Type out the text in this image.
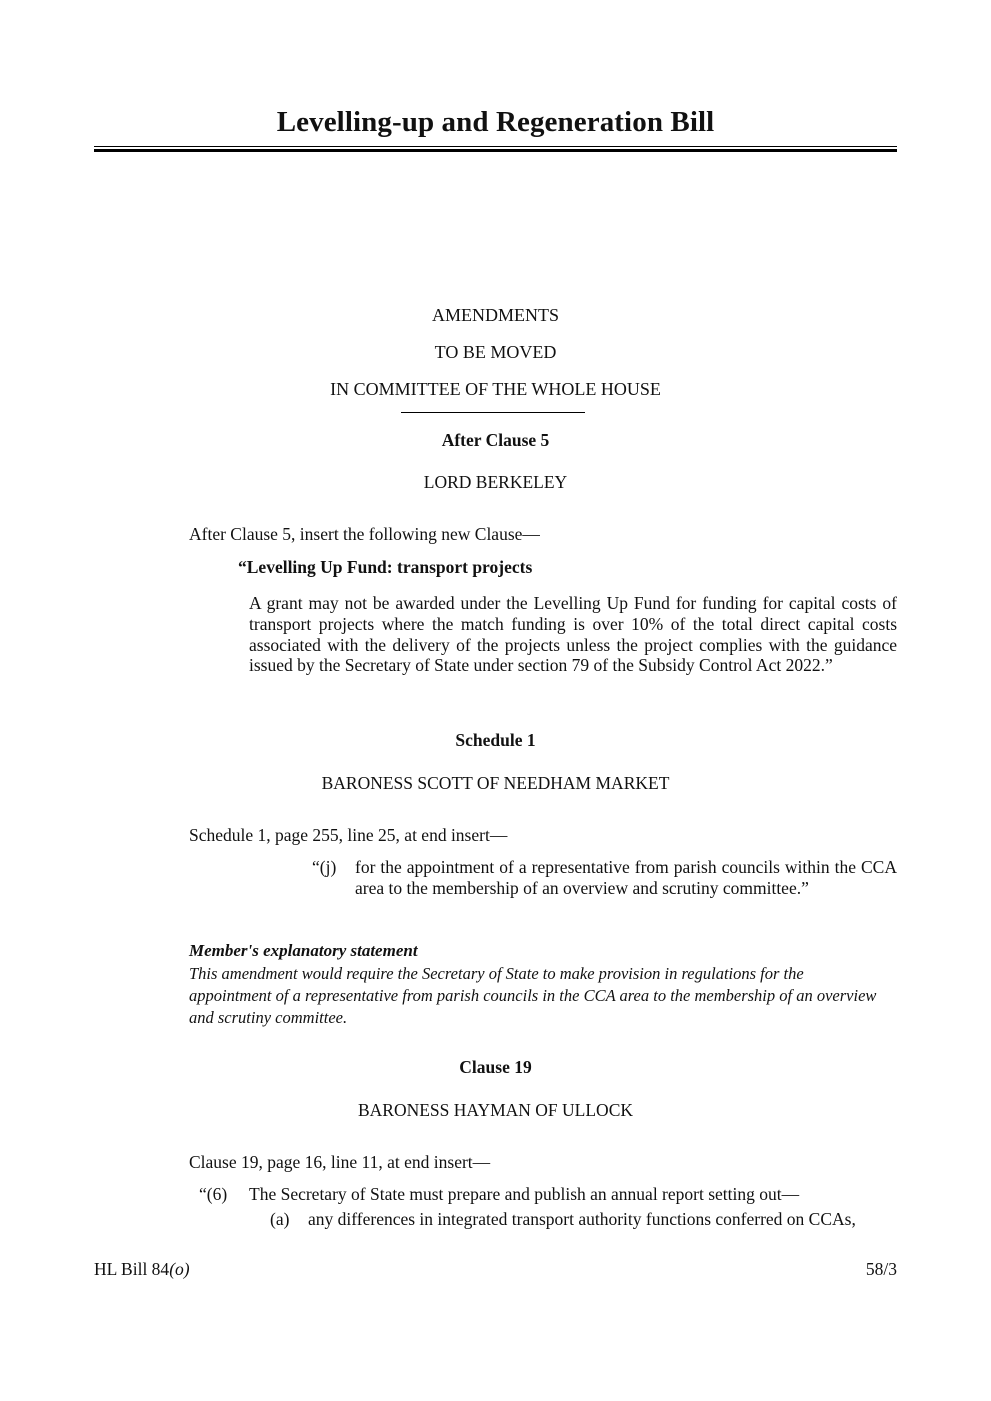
Levelling-up and Regeneration Bill
AMENDMENTS
TO BE MOVED
IN COMMITTEE OF THE WHOLE HOUSE
After Clause 5
LORD BERKELEY
After Clause 5, insert the following new Clause—
“Levelling Up Fund: transport projects
A grant may not be awarded under the Levelling Up Fund for funding for capital costs of transport projects where the match funding is over 10% of the total direct capital costs associated with the delivery of the projects unless the project complies with the guidance issued by the Secretary of State under section 79 of the Subsidy Control Act 2022.”
Schedule 1
BARONESS SCOTT OF NEEDHAM MARKET
Schedule 1, page 255, line 25, at end insert—
“(j) for the appointment of a representative from parish councils within the CCA area to the membership of an overview and scrutiny committee.”
Member's explanatory statement
This amendment would require the Secretary of State to make provision in regulations for the appointment of a representative from parish councils in the CCA area to the membership of an overview and scrutiny committee.
Clause 19
BARONESS HAYMAN OF ULLOCK
Clause 19, page 16, line 11, at end insert—
“(6) The Secretary of State must prepare and publish an annual report setting out—
(a) any differences in integrated transport authority functions conferred on CCAs,
HL Bill 84(o)	58/3
